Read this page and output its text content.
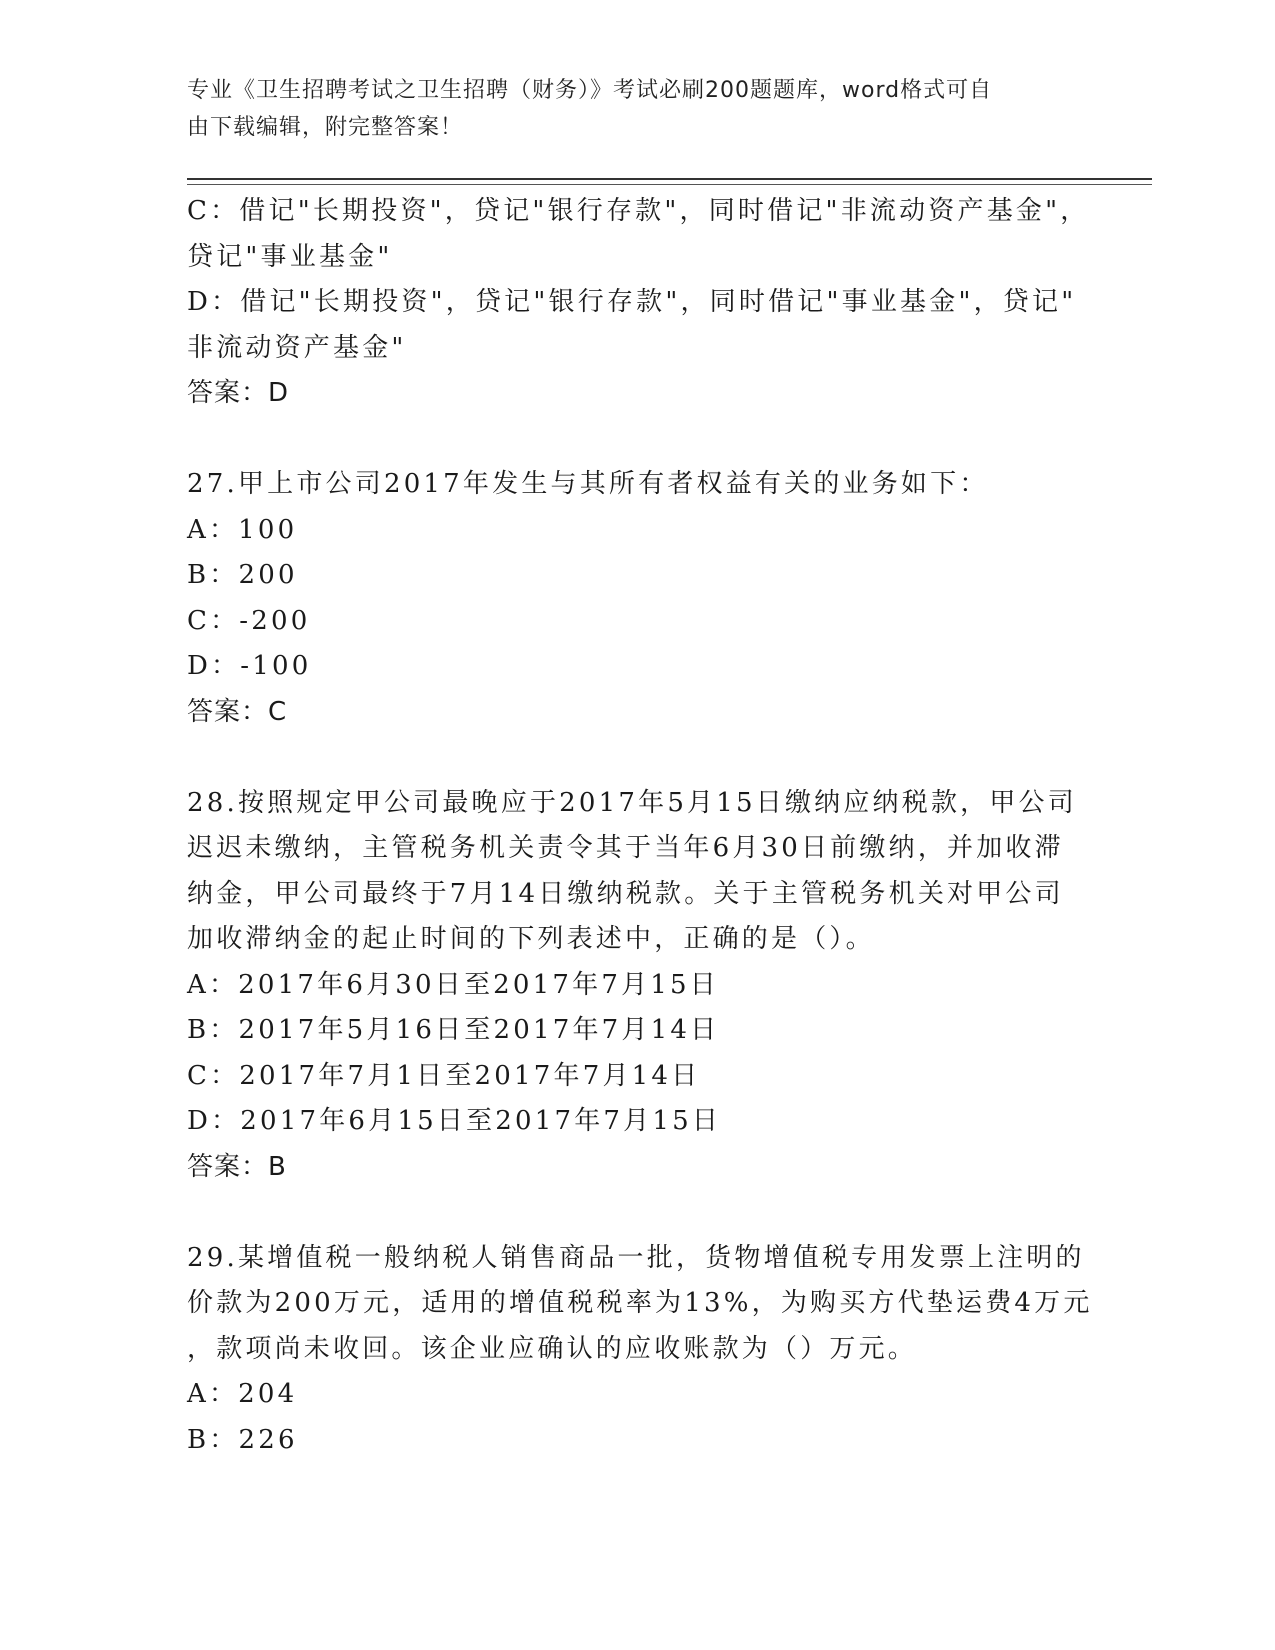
专业《卫生招聘考试之卫生招聘（财务）》考试必刷200题题库，word格式可自
由下载编辑，附完整答案！
C：借记"长期投资"，贷记"银行存款"，同时借记"非流动资产基金"，
贷记"事业基金"
D：借记"长期投资"，贷记"银行存款"，同时借记"事业基金"，贷记"
非流动资产基金"
答案：D
27.甲上市公司2017年发生与其所有者权益有关的业务如下：
A：100
B：200
C：-200
D：-100
答案：C
28.按照规定甲公司最晚应于2017年5月15日缴纳应纳税款，甲公司
迟迟未缴纳，主管税务机关责令其于当年6月30日前缴纳，并加收滞
纳金，甲公司最终于7月14日缴纳税款。关于主管税务机关对甲公司
加收滞纳金的起止时间的下列表述中，正确的是（）。
A：2017年6月30日至2017年7月15日
B：2017年5月16日至2017年7月14日
C：2017年7月1日至2017年7月14日
D：2017年6月15日至2017年7月15日
答案：B
29.某增值税一般纳税人销售商品一批，货物增值税专用发票上注明的
价款为200万元，适用的增值税税率为13%，为购买方代垫运费4万元
，款项尚未收回。该企业应确认的应收账款为（）万元。
A：204
B：226
